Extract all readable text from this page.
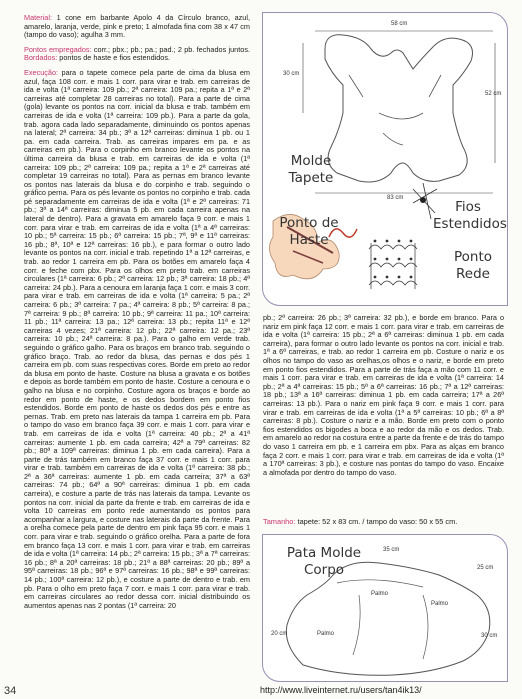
Material: 1 cone em barbante Apolo 4 da Círculo branco, azul, amarelo, laranja, verde, pink e preto; 1 almofada fina com 38 x 47 cm (tampo do vaso); agulha 3 mm.

Pontos empregados: corr.; pbx.; pb.; pa.; pad.; 2 pb. fechados juntos. Bordados: pontos de haste e fios estendidos.

Execução: para o tapete comece pela parte de cima da blusa em azul, faça 108 corr. e mais 1 corr. para virar e trab. em carreiras de ida e volta (1ª carreira: 109 pb.; 2ª carreira: 109 pa.; repita a 1ª e 2ª carreiras até completar 28 carreiras no total). Para a parte de cima (gola) levante os pontos na corr. inicial da blusa e trab. também em carreiras de ida e volta (1ª carreira: 109 pb.). Para a parte da gola, trab. agora cada lado separadamente, diminuindo os pontos apenas na lateral; 2ª carreira: 34 pb.; 3ª a 12ª carreiras: diminua 1 pb. ou 1 pa. em cada carreira. Trab. as carreiras impares em pa. e as carreiras em pb.). Para o corpinho em branco levante os pontos na última carreira da blusa e trab. em carreiras de ida e volta (1ª carreira: 109 pb.; 2ª carreira: 109 pa.; repita a 1ª e 2ª carreiras até completar 19 carreiras no total). Para as pernas em branco levante os pontos nas laterais da blusa e do corpinho e trab. seguindo o gráfico perna. Para os pés levante os pontos no corpinho e trab. cada pé separadamente em carreiras de ida e volta (1ª e 2ª carreiras: 71 pb.; 3ª a 14ª carreiras: diminua 5 pb. em cada carreira apenas na lateral de dentro). Para a gravata em amarelo faça 9 corr. e mais 1 corr. para virar e trab. em carreiras de ida e volta (1ª a 4ª carreiras: 10 pb.; 5ª carreira: 15 pb.; 6ª carreira: 15 pb.; 7ª, 9ª e 11ª carreiras: 16 pb.; 8ª, 10ª e 12ª carreiras: 16 pb.), e para formar o outro lado levante os pontos na corr. inicial e trab. repetindo 1ª a 12ª carreiras, e trab. ao redor 1 carreira em pb. Para os botões em amarelo faça 4 corr. e feche com pbx. Para os olhos em preto trab. em carreiras circulares (1ª carreira: 6 pb.; 2ª carreira: 12 pb.; 3ª carreira: 18 pb.; 4ª carreira: 24 pb.). Para a cenoura em laranja faça 1 corr. e mais 3 corr. para virar e trab. em carreiras de ida e volta (1ª carreira: 5 pa.; 2ª carreira: 6 pb.; 3ª carreira: 7 pa.; 4ª carreira: 8 pb.; 5ª carreira: 8 pa.; 7ª carreira: 9 pb.; 8ª carreira: 10 pb.; 9ª carreira: 11 pa.; 10ª carreira: 11 pb.; 11ª carreira: 13 pa.; 12ª carreira: 13 pb.; repita 11ª e 12ª carreiras 4 vezes; 21ª carreira: 12 pb.; 22ª carreira: 12 pa.; 23ª carreira: 10 pb.; 24ª carreira: 8 pa.). Para o galho em verde trab. seguindo o gráfico galho. Para os braços em branco trab. seguindo o gráfico braço. Trab. ao redor da blusa, das pernas e dos pés 1 carreira em pb. com suas respectivas cores. Borde em preto ao redor da blusa em ponto de haste. Costure na blusa a gravata e os botões e depois as borde também em ponto de haste. Costure a cenoura e o galho na blusa e no corpinho. Costure agora os braços e borde ao redor em ponto de haste, e os dedos bordem em ponto fios estendidos. Borde em ponto de haste os dedos dos pés e entre as pernas. Trab. em preto nas laterais da tampa 1 carreira em pb. Para o tampo do vaso em branco faça 39 corr. e mais 1 corr. para virar e trab. em carreiras de ida e volta (1ª carreira: 40 pb.; 2ª a 41ª carreiras: aumente 1 pb. em cada carreira; 42ª a 79ª carreiras: 82 pb.; 80ª a 109ª carreiras: diminua 1 pb. em cada carreira). Para a parte de trás também em branco faça 37 corr. e mais 1 corr. para virar e trab. também em carreiras de ida e volta (1ª carreira: 38 pb.; 2ª a 36ª carreiras: aumente 1 pb. em cada carreira; 37ª a 63ª carreiras: 74 pb.; 64ª a 90ª carreiras: diminua 1 pb. em cada carreira), e costure a parte de trás nas laterais da tampa. Levante os pontos na corr. inicial da parte da frente e trab. em carreiras de ida e volta 10 carreiras em ponto rede aumentando os pontos para acompanhar a largura, e costure nas laterais da parte da frente. Para a orelha comece pela parte de dentro em pink faça 95 corr. e mais 1 corr. para virar e trab. seguindo o gráfico orelha. Para a parte de fora em branco faça 13 corr. e mais 1 corr. para virar e trab. em carreiras de ida e volta (1ª carreira: 14 pb.; 2ª carreira: 15 pb.; 3ª a 7ª carreiras: 16 pb.; 8ª a 20ª carreiras: 18 pb.; 21ª a 88ª carreiras: 20 pb.; 89ª a 95ª carreiras: 18 pb.; 96ª e 97ª carreiras: 16 pb.; 98ª e 99ª carreiras: 14 pb.; 100ª carreira: 12 pb.), e costure a parte de dentro e trab. em pb. Para o olho em preto faça 7 corr. e mais 1 corr. para virar e trab. em carreiras circulares ao redor dessa corr. inicial distribuindo os aumentos apenas nas 2 pontas (1ª carreira: 20

58 cm
30 cm
52 cm
83 cm
Molde Tapete
Ponto de Haste
Fios Estendidos
Ponto Rede

pb.; 2ª carreira: 26 pb.; 3ª carreira: 32 pb.), e borde em branco. Para o nariz em pink faça 12 corr. e mais 1 corr. para virar e trab. em carreiras de ida e volta (1ª carreira: 15 pb.; 2ª a 6ª carreiras: diminua 1 pb. em cada carreira), para formar o outro lado levante os pontos na corr. inicial e trab. 1ª a 6ª carreiras, e trab. ao redor 1 carreira em pb. Costure o nariz e os olhos no tampo do vaso as orelhas,os olhos e o nariz, e borde em preto em ponto fios estendidos. Para a parte de trás faça a mão com 11 corr. e mais 1 corr. para virar e trab. em carreiras de ida e volta (1ª carreira: 14 pb.; 2ª a 4ª carreiras: 15 pb.; 5ª a 6ª carreiras: 16 pb.; 7ª a 12ª carreiras: 18 pb.; 13ª a 16ª carreiras: diminua 1 pb. em cada carreira; 17ª a 26ª carreiras: 13 pb.). Para o nariz em pink faça 9 corr. e mais 1 corr. para virar e trab. em carreiras de ida e volta (1ª a 5ª carreiras: 10 pb.; 6ª a 8ª carreiras: 8 pb.). Costure o nariz e a mão. Borde em preto com o ponto fios estendidos os bigodes a boca e ao redor da mão e os dedos. Trab. em amarelo ao redor na costura entre a parte da frente e de trás do tampo do vaso 1 carreira em pb. e 1 carreira em pbx. Para as alças em branco faça 2 corr. e mais 1 corr. para virar e trab. em carreiras de ida e volta (1ª a 170ª carreiras: 3 pb.), e costure nas pontas do tampo do vaso. Encaixe a almofada por dentro do tampo do vaso.

Tamanho: tapete: 52 x 83 cm. / tampo do vaso: 50 x 55 cm.
Pata Molde Corpo
35 cm
25 cm
20 cm	30 cm
Palmo
Palmo
Palmo
34	http://www.liveinternet.ru/users/tan4ik13/
